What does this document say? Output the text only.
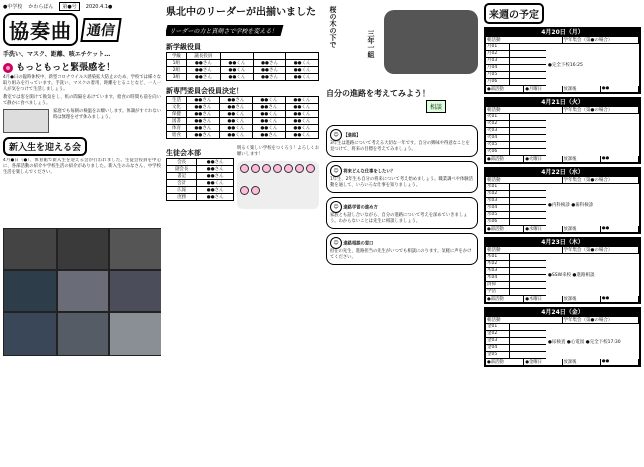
●中学校 かわらばん	第●号	2020.4.1●
協奏曲 通信
手洗い、マスク、距離、咳エチケット…
もっともっと緊張感を！
4月●日の臨時休校中、新型コロナウイルス感染拡大防止のため、学校では様々な取り組みを行っています。手洗い、マスクの着用、距離をとることなど、一人一人が気をつけて生活しましょう。
教室では窓を開けて換気をし、机の間隔をあけています。給食の時間も前を向いて静かに食べましょう。
家庭でも毎朝の検温をお願いします。体調がすぐれない時は無理をせず休みましょう。
新入生を迎える会
4月●日（●）、体育館で新入生を迎える会が行われました。生徒会役員を中心に、各部活動の紹介や学校生活の紹介がありました。新入生のみなさん、中学校生活を楽しんでください。
県北中のリーダーが出揃いました
リーダーの力と真剣さで学校を変える！
新学級役員
学級	議長役員			
1組	●●さん	●●くん	●●さん	●●くん
2組	●●さん	●●くん	●●さん	●●くん
3組	●●さん	●●くん	●●さん	●●くん
新専門委員会役員決定！
生活	●●さん	●●さん	●●くん	●●くん
文化	●●さん	●●さん	●●さん	●●くん
保健	●●さん	●●くん	●●くん	●●くん
図書	●●さん	●●くん	●●くん	●●くん
体育	●●さん	●●くん	●●くん	●●くん
給食	●●さん	●●くん	●●さん	●●くん
生徒会本部
会長	●●さん
副会長	●●さん
書記	●●さん
会計	●●くん
広報	●●さん
庶務	●●さん
明るく楽しい学校をつくろう！よろしくお願いします！
桜の木の下で	三年一組
自分の進路を考えてみよう！
相談
☺ 【進路】
3年生は進路について考える大切な一年です。自分の興味や得意なことを見つけて、将来の目標を考えてみましょう。
☺ 将来どんな仕事をしたい？
1年生、2年生も自分の将来について考え始めましょう。職業調べや体験活動を通して、いろいろな仕事を知りましょう。
☺ 進路学習の進め方
家族とも話し合いながら、自分の進路について考えを深めていきましょう。わからないことは先生に相談しましょう。
☺ 進路相談の窓口
担任の先生、進路担当の先生がいつでも相談にのります。気軽に声をかけてください。
来週の予定
4月20日（月）
朝活動	学年集会（第●の場合）
月01
月02
月03
月04
月05
月06
●完全下校16:25
●部活動	●月曜日	放課後	●●
4月21日（火）
朝活動	学年集会（第●の場合）
火01
火02
火03
火04
火05
火06
●部活動	●火曜日	放課後	●●
4月22日（水）
朝活動	学年集会（第●の場合）
水01
水02
水03
水04
水05
水06
●内科検診 ●歯科検診
●部活動	●水曜日	放課後	●●
4月23日（木）
朝活動	学年集会（第●の場合）
木01
木02
木03
木04
清掃
学活
●SSW来校 ●進路相談
●部活動	●木曜日	放課後	●●
4月24日（金）
朝活動	学年集会（第●の場合）
金01
金02
金03
金04
金05
●尿検査 ●心電図 ●完全下校17:30
●部活動	●金曜日	放課後	●●
